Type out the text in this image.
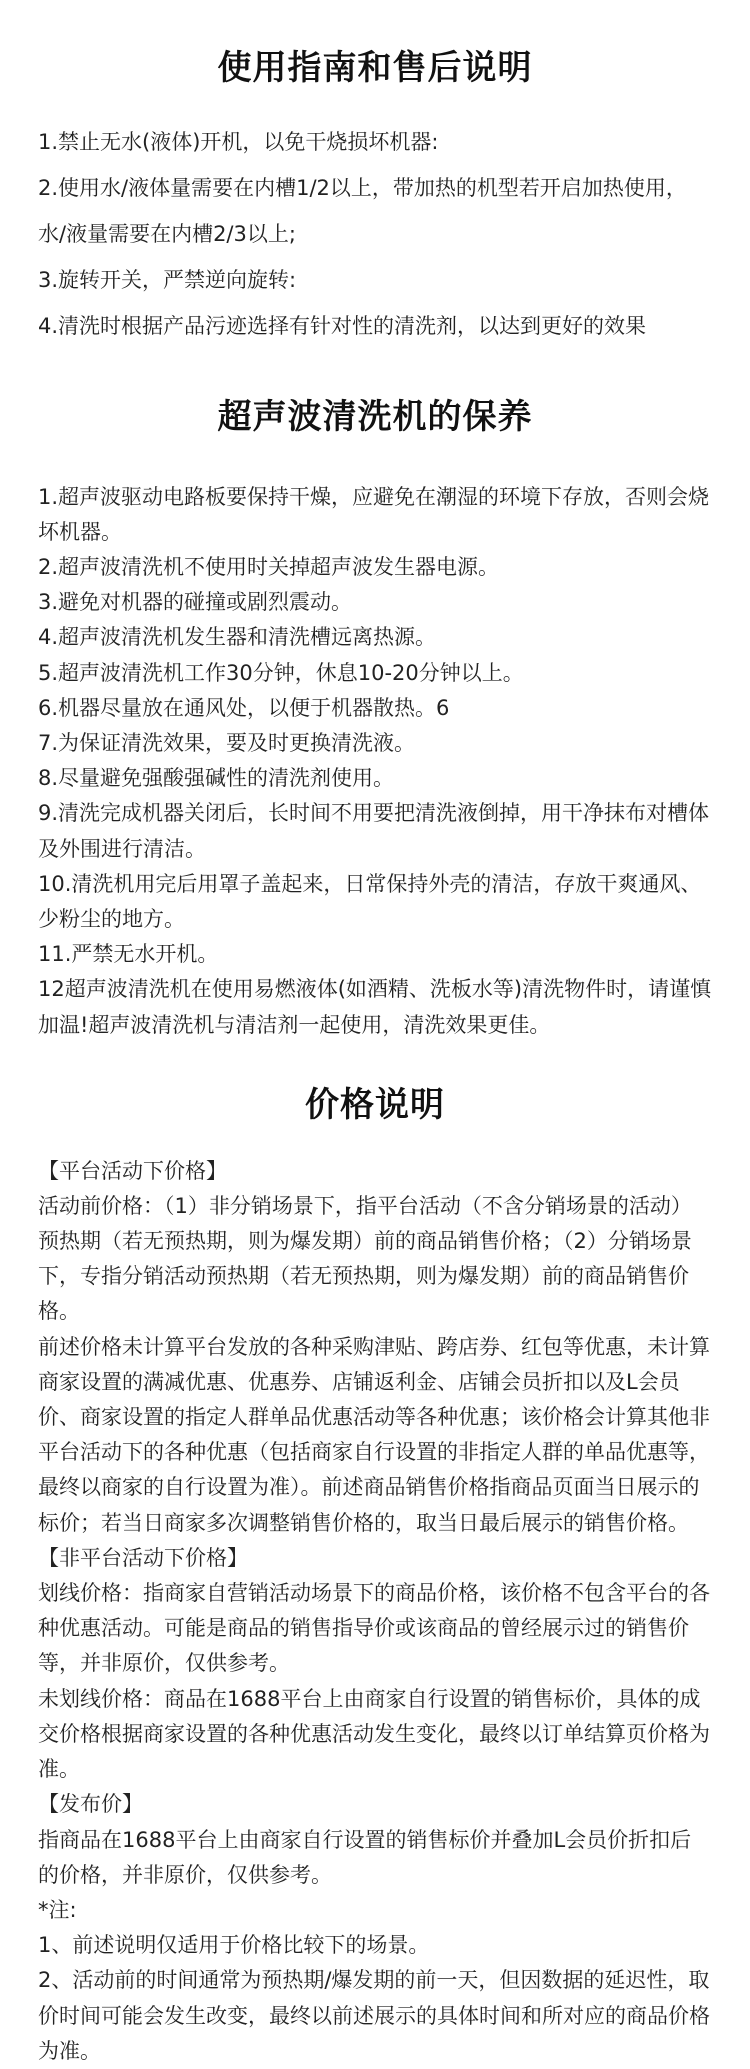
使用指南和售后说明

1.禁止无水(液体)开机，以免干烧损坏机器:

2.使用水/液体量需要在内槽1/2以上，带加热的机型若开启加热使用，水/液量需要在内槽2/3以上;

3.旋转开关，严禁逆向旋转:

4.清洗时根据产品污迹选择有针对性的清洗剂，以达到更好的效果

超声波清洗机的保养

1.超声波驱动电路板要保持干燥，应避免在潮湿的环境下存放，否则会烧坏机器。

2.超声波清洗机不使用时关掉超声波发生器电源。

3.避免对机器的碰撞或剧烈震动。

4.超声波清洗机发生器和清洗槽远离热源。

5.超声波清洗机工作30分钟，休息10-20分钟以上。

6.机器尽量放在通风处，以便于机器散热。6

7.为保证清洗效果，要及时更换清洗液。

8.尽量避免强酸强碱性的清洗剂使用。

9.清洗完成机器关闭后，长时间不用要把清洗液倒掉，用干净抹布对槽体及外围进行清洁。

10.清洗机用完后用罩子盖起来，日常保持外壳的清洁，存放干爽通风、少粉尘的地方。

11.严禁无水开机。

12超声波清洗机在使用易燃液体(如酒精、洗板水等)清洗物件时，请谨慎加温!超声波清洗机与清洁剂一起使用，清洗效果更佳。

价格说明

【平台活动下价格】

活动前价格：（1）非分销场景下，指平台活动（不含分销场景的活动）预热期（若无预热期，则为爆发期）前的商品销售价格；（2）分销场景下，专指分销活动预热期（若无预热期，则为爆发期）前的商品销售价格。

前述价格未计算平台发放的各种采购津贴、跨店券、红包等优惠，未计算商家设置的满减优惠、优惠券、店铺返利金、店铺会员折扣以及L会员价、商家设置的指定人群单品优惠活动等各种优惠；该价格会计算其他非平台活动下的各种优惠（包括商家自行设置的非指定人群的单品优惠等，最终以商家的自行设置为准）。前述商品销售价格指商品页面当日展示的标价；若当日商家多次调整销售价格的，取当日最后展示的销售价格。

【非平台活动下价格】

划线价格：指商家自营销活动场景下的商品价格，该价格不包含平台的各种优惠活动。可能是商品的销售指导价或该商品的曾经展示过的销售价等，并非原价，仅供参考。

未划线价格：商品在1688平台上由商家自行设置的销售标价，具体的成交价格根据商家设置的各种优惠活动发生变化，最终以订单结算页价格为准。

【发布价】

指商品在1688平台上由商家自行设置的销售标价并叠加L会员价折扣后的价格，并非原价，仅供参考。

*注:

1、前述说明仅适用于价格比较下的场景。

2、活动前的时间通常为预热期/爆发期的前一天，但因数据的延迟性，取价时间可能会发生改变，最终以前述展示的具体时间和所对应的商品价格为准。
